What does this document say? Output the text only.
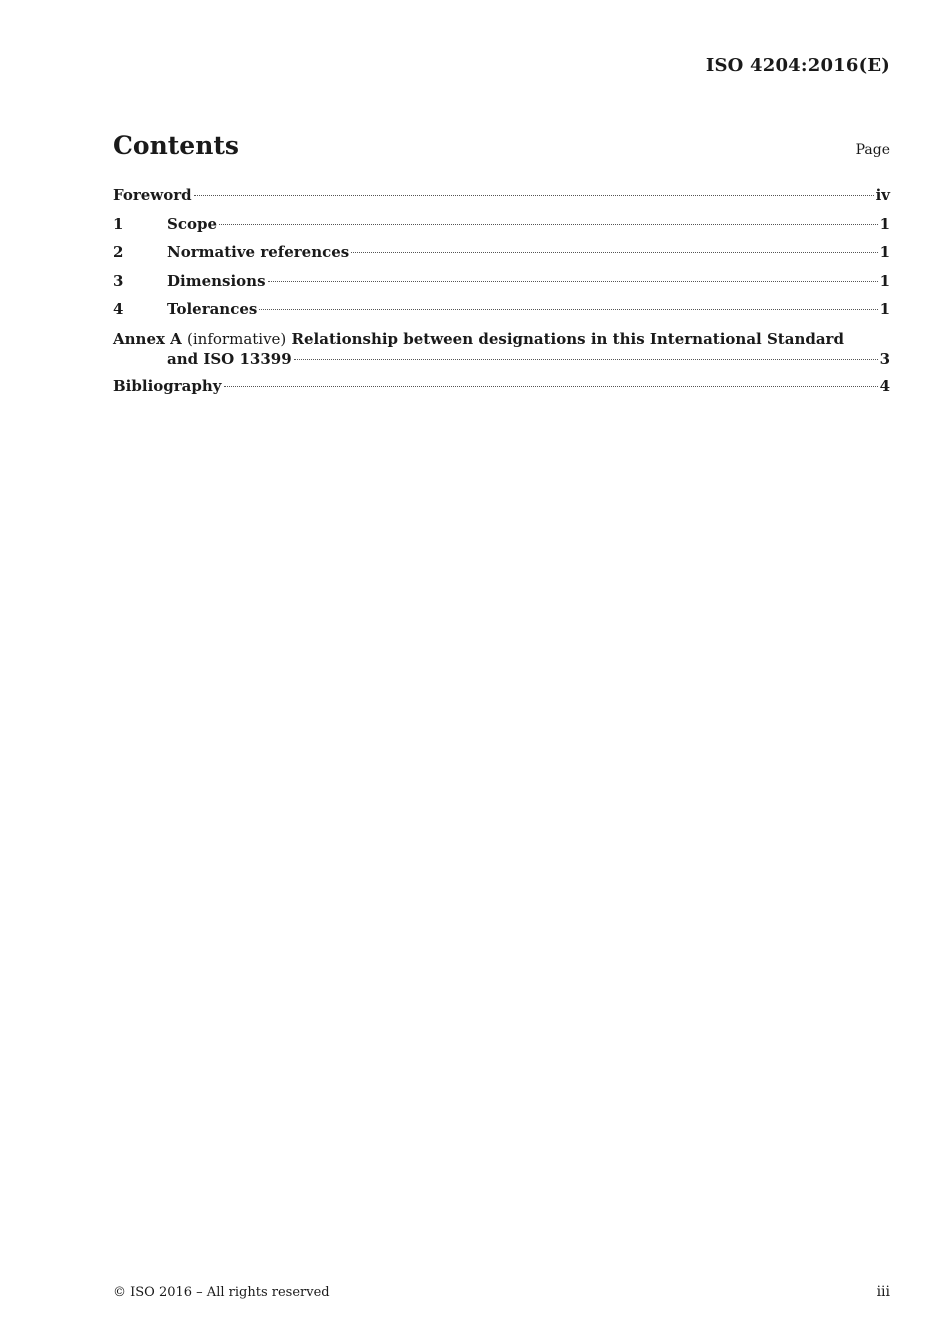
ISO 4204:2016(E)
Contents	Page
Foreword	iv
1	Scope	1
2	Normative references	1
3	Dimensions	1
4	Tolerances	1
Annex A (informative) Relationship between designations in this International Standard
and ISO 13399	3
Bibliography	4
© ISO 2016 – All rights reserved	iii
